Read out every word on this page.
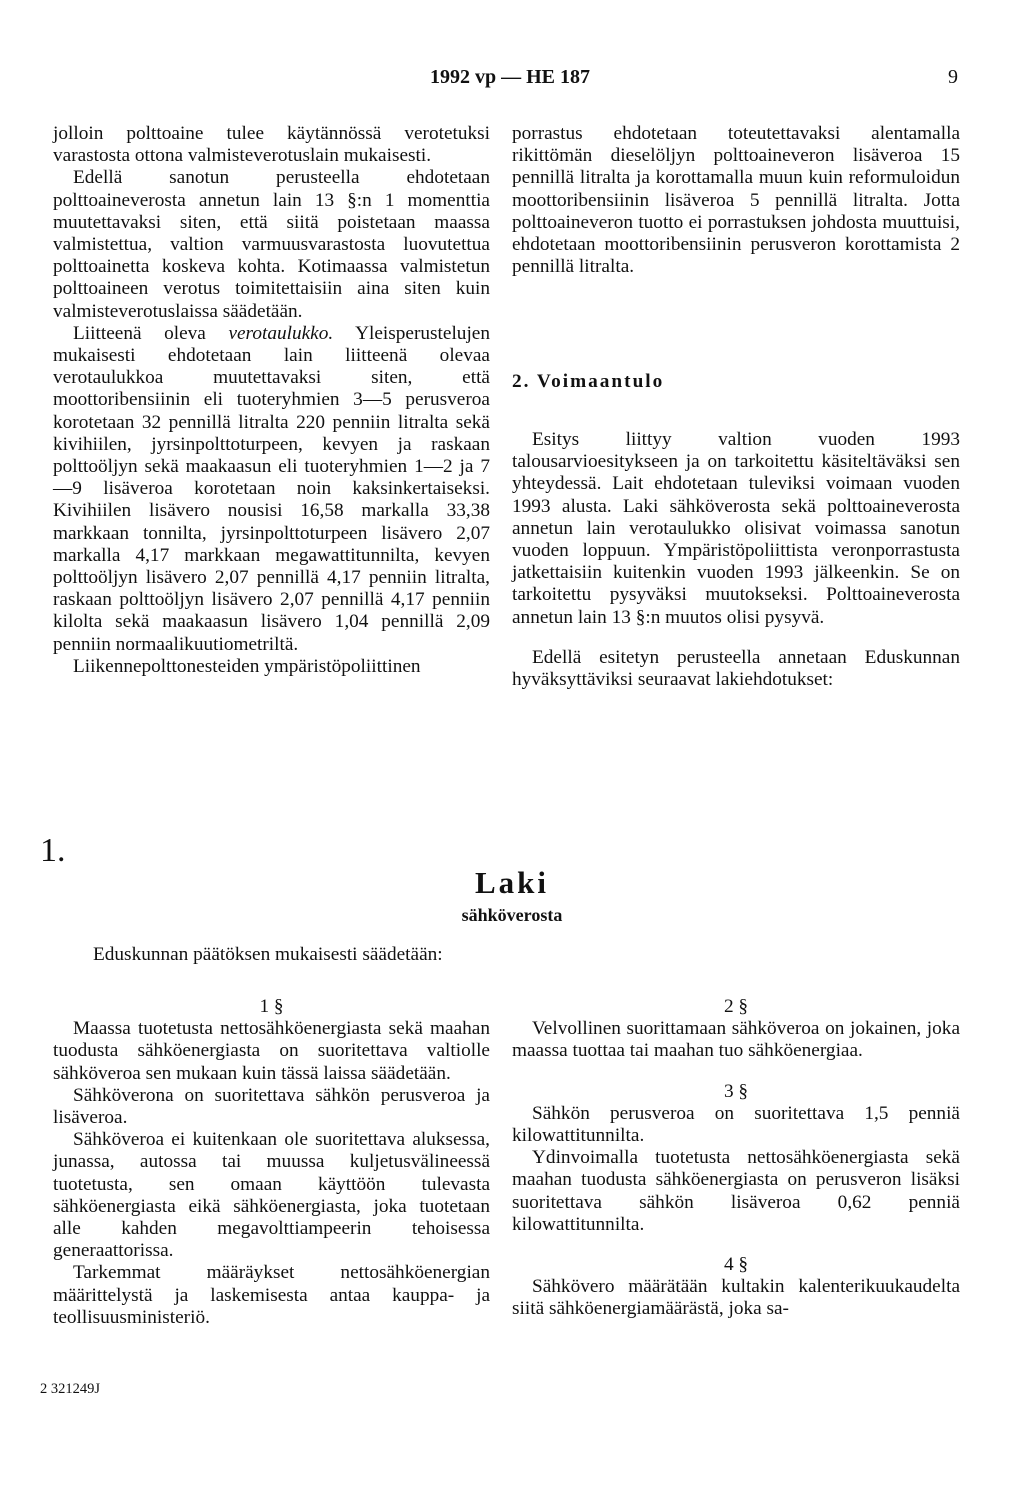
1992 vp — HE 187	9

jolloin polttoaine tulee käytännössä verotetuksi varastosta ottona valmisteverotuslain mukaisesti.

Edellä sanotun perusteella ehdotetaan polttoaineverosta annetun lain 13 §:n 1 momenttia muutettavaksi siten, että siitä poistetaan maassa valmistettua, valtion varmuusvarastosta luovutettua polttoainetta koskeva kohta. Kotimaassa valmistetun polttoaineen verotus toimitettaisiin aina siten kuin valmisteverotuslaissa säädetään.

Liitteenä oleva verotaulukko. Yleisperustelujen mukaisesti ehdotetaan lain liitteenä olevaa verotaulukkoa muutettavaksi siten, että moottoribensiinin eli tuoteryhmien 3—5 perusveroa korotetaan 32 pennillä litralta 220 penniin litralta sekä kivihiilen, jyrsinpolttoturpeen, kevyen ja raskaan polttoöljyn sekä maakaasun eli tuoteryhmien 1—2 ja 7—9 lisäveroa korotetaan noin kaksinkertaiseksi. Kivihiilen lisävero nousisi 16,58 markalla 33,38 markkaan tonnilta, jyrsinpolttoturpeen lisävero 2,07 markalla 4,17 markkaan megawattitunnilta, kevyen polttoöljyn lisävero 2,07 pennillä 4,17 penniin litralta, raskaan polttoöljyn lisävero 2,07 pennillä 4,17 penniin kilolta sekä maakaasun lisävero 1,04 pennillä 2,09 penniin normaalikuutiometriltä.

Liikennepolttonesteiden ympäristöpoliittinen

porrastus ehdotetaan toteutettavaksi alentamalla rikittömän dieselöljyn polttoaineveron lisäveroa 15 pennillä litralta ja korottamalla muun kuin reformuloidun moottoribensiinin lisäveroa 5 pennillä litralta. Jotta polttoaineveron tuotto ei porrastuksen johdosta muuttuisi, ehdotetaan moottoribensiinin perusveron korottamista 2 pennillä litralta.

2. Voimaantulo

Esitys liittyy valtion vuoden 1993 talousarvioesitykseen ja on tarkoitettu käsiteltäväksi sen yhteydessä. Lait ehdotetaan tuleviksi voimaan vuoden 1993 alusta. Laki sähköverosta sekä polttoaineverosta annetun lain verotaulukko olisivat voimassa sanotun vuoden loppuun. Ympäristöpoliittista veronporrastusta jatkettaisiin kuitenkin vuoden 1993 jälkeenkin. Se on tarkoitettu pysyväksi muutokseksi. Polttoaineverosta annetun lain 13 §:n muutos olisi pysyvä.

Edellä esitetyn perusteella annetaan Eduskunnan hyväksyttäviksi seuraavat lakiehdotukset:

1.
Laki
sähköverosta
Eduskunnan päätöksen mukaisesti säädetään:
1 §

Maassa tuotetusta nettosähköenergiasta sekä maahan tuodusta sähköenergiasta on suoritettava valtiolle sähköveroa sen mukaan kuin tässä laissa säädetään.

Sähköverona on suoritettava sähkön perusveroa ja lisäveroa.

Sähköveroa ei kuitenkaan ole suoritettava aluksessa, junassa, autossa tai muussa kuljetusvälineessä tuotetusta, sen omaan käyttöön tulevasta sähköenergiasta eikä sähköenergiasta, joka tuotetaan alle kahden megavolttiampeerin tehoisessa generaattorissa.

Tarkemmat määräykset nettosähköenergian määrittelystä ja laskemisesta antaa kauppa- ja teollisuusministeriö.

2 §

Velvollinen suorittamaan sähköveroa on jokainen, joka maassa tuottaa tai maahan tuo sähköenergiaa.

3 §

Sähkön perusveroa on suoritettava 1,5 penniä kilowattitunnilta.

Ydinvoimalla tuotetusta nettosähköenergiasta sekä maahan tuodusta sähköenergiasta on perusveron lisäksi suoritettava sähkön lisäveroa 0,62 penniä kilowattitunnilta.

4 §

Sähkövero määrätään kultakin kalenterikuukaudelta siitä sähköenergiamäärästä, joka sa-

2 321249J
